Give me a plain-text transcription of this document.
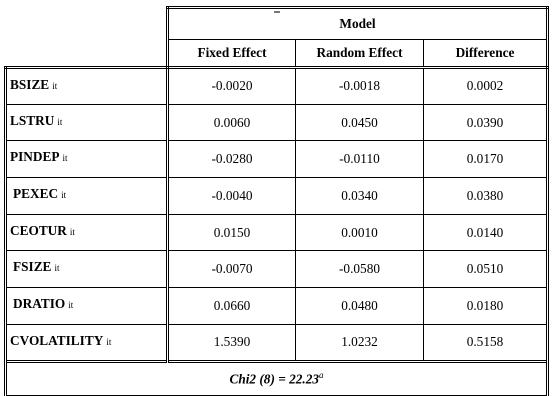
	Model		
	Fixed Effect	Random Effect	Difference
BSIZE it	-0.0020	-0.0018	0.0002
LSTRU it	0.0060	0.0450	0.0390
PINDEP it	-0.0280	-0.0110	0.0170
PEXEC it	-0.0040	0.0340	0.0380
CEOTUR it	0.0150	0.0010	0.0140
FSIZE it	-0.0070	-0.0580	0.0510
DRATIO it	0.0660	0.0480	0.0180
CVOLATILITY it	1.5390	1.0232	0.5158
Chi2 (8) = 22.23$^a$
